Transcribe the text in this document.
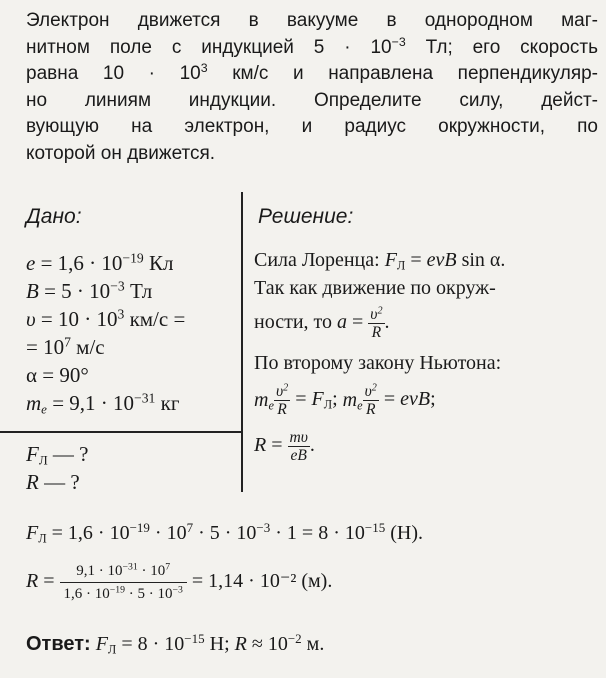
Электрон движется в вакууме в однородном маг-
нитном поле с индукцией $5 \cdot 10^{-3}$ Тл; его скорость
равна $10 \cdot 10^3$ км/с и направлена перпендикуляр-
но линиям индукции. Определите силу, дейст-
вующую на электрон, и радиус окружности, по
которой он движется.
Дано:	Решение:
$e = 1,6 \cdot 10^{-19}$ Кл
$B = 5 \cdot 10^{-3}$ Тл
$\upsilon = 10 \cdot 10^3$ км/с =
= $10^7$ м/с
α = 90°
$m_e = 9,1 \cdot 10^{-31}$ кг
$F_Л$ — ?
R — ?
Сила Лоренца: $F_Л$ = evB sin α.
Так как движение по окруж-
ности, то $a = \frac{\upsilon^2}{R}$ .
По второму закону Ньютона:
$m_e \frac{\upsilon^2}{R} = F_Л$; $m_e \frac{\upsilon^2}{R}$ = evB;
$R = \frac{m\upsilon}{eB}$ .
$F_Л = 1,6 \cdot 10^{-19} \cdot 10^7 \cdot 5 \cdot 10^{-3} \cdot 1 = 8 \cdot 10^{-15}$ (Н).
$R = \frac{9,1 \cdot 10^{-31} \cdot 10^7}{1,6 \cdot 10^{-19} \cdot 5 \cdot 10^{-3}} = 1,14 \cdot 10^{-2}$ (м).
Ответ: $F_Л = 8 \cdot 10^{-15}$ Н; $R \approx 10^{-2}$ м.
